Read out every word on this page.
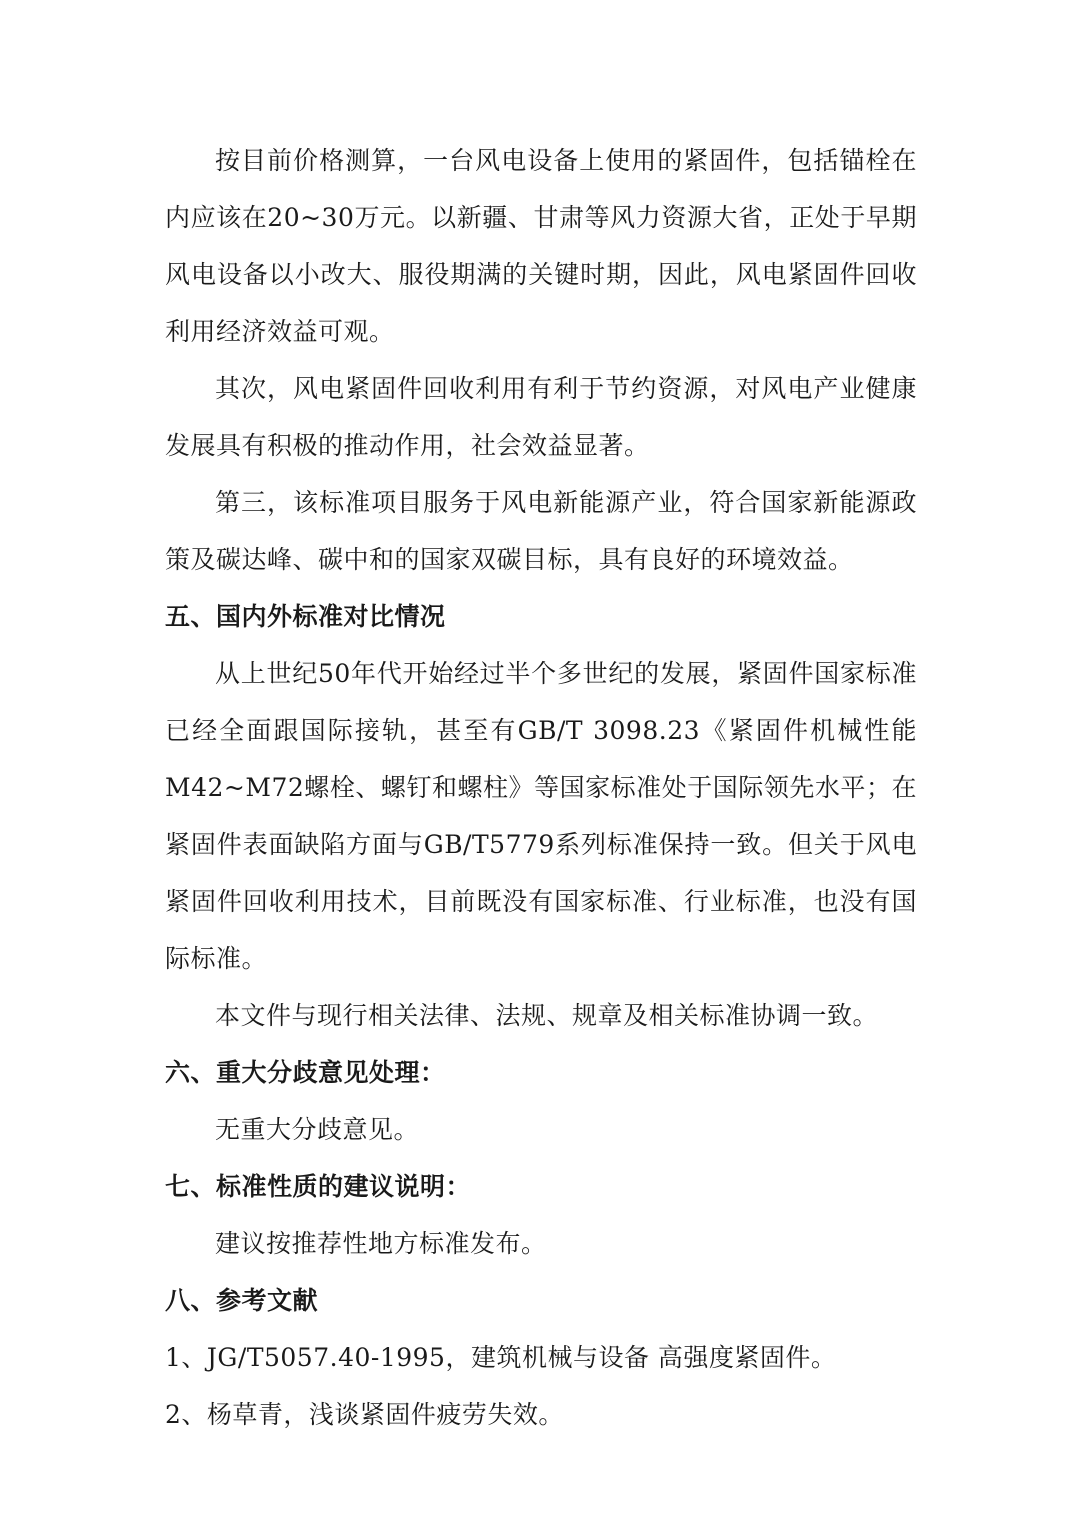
按目前价格测算，一台风电设备上使用的紧固件，包括锚栓在内应该在20~30万元。以新疆、甘肃等风力资源大省，正处于早期风电设备以小改大、服役期满的关键时期，因此，风电紧固件回收利用经济效益可观。

其次，风电紧固件回收利用有利于节约资源，对风电产业健康发展具有积极的推动作用，社会效益显著。

第三，该标准项目服务于风电新能源产业，符合国家新能源政策及碳达峰、碳中和的国家双碳目标，具有良好的环境效益。

五、国内外标准对比情况

从上世纪50年代开始经过半个多世纪的发展，紧固件国家标准已经全面跟国际接轨，甚至有GB/T 3098.23《紧固件机械性能M42~M72螺栓、螺钉和螺柱》等国家标准处于国际领先水平；在紧固件表面缺陷方面与GB/T5779系列标准保持一致。但关于风电紧固件回收利用技术，目前既没有国家标准、行业标准，也没有国际标准。

本文件与现行相关法律、法规、规章及相关标准协调一致。

六、重大分歧意见处理：

无重大分歧意见。

七、标准性质的建议说明：

建议按推荐性地方标准发布。

八、参考文献

1、JG/T5057.40-1995，建筑机械与设备 高强度紧固件。

2、杨草青，浅谈紧固件疲劳失效。
